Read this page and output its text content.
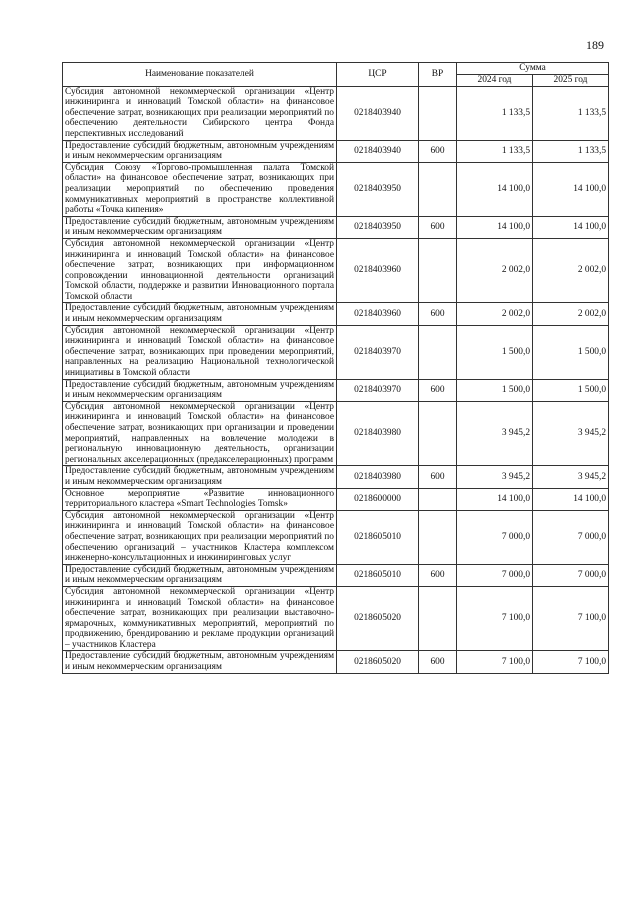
189
Наименование показателей	ЦСР	ВР	Сумма	
			2024 год	2025 год
Субсидия автономной некоммерческой организации «Центр инжиниринга и инноваций Томской области» на финансовое обеспечение затрат, возникающих при реализации мероприятий по обеспечению деятельности Сибирского центра Фонда перспективных исследований	0218403940		1 133,5	1 133,5
Предоставление субсидий бюджетным, автономным учреждениям и иным некоммерческим организациям	0218403940	600	1 133,5	1 133,5
Субсидия Союзу «Торгово-промышленная палата Томской области» на финансовое обеспечение затрат, возникающих при реализации мероприятий по обеспечению проведения коммуникативных мероприятий в пространстве коллективной работы «Точка кипения»	0218403950		14 100,0	14 100,0
Предоставление субсидий бюджетным, автономным учреждениям и иным некоммерческим организациям	0218403950	600	14 100,0	14 100,0
Субсидия автономной некоммерческой организации «Центр инжиниринга и инноваций Томской области» на финансовое обеспечение затрат, возникающих при информационном сопровождении инновационной деятельности организаций Томской области, поддержке и развитии Инновационного портала Томской области	0218403960		2 002,0	2 002,0
Предоставление субсидий бюджетным, автономным учреждениям и иным некоммерческим организациям	0218403960	600	2 002,0	2 002,0
Субсидия автономной некоммерческой организации «Центр инжиниринга и инноваций Томской области» на финансовое обеспечение затрат, возникающих при проведении мероприятий, направленных на реализацию Национальной технологической инициативы в Томской области	0218403970		1 500,0	1 500,0
Предоставление субсидий бюджетным, автономным учреждениям и иным некоммерческим организациям	0218403970	600	1 500,0	1 500,0
Субсидия автономной некоммерческой организации «Центр инжиниринга и инноваций Томской области» на финансовое обеспечение затрат, возникающих при организации и проведении мероприятий, направленных на вовлечение молодежи в региональную инновационную деятельность, организации региональных акселерационных (предакселерационных) программ	0218403980		3 945,2	3 945,2
Предоставление субсидий бюджетным, автономным учреждениям и иным некоммерческим организациям	0218403980	600	3 945,2	3 945,2
Основное мероприятие «Развитие инновационного территориального кластера «Smart Technologies Tomsk»	0218600000		14 100,0	14 100,0
Субсидия автономной некоммерческой организации «Центр инжиниринга и инноваций Томской области» на финансовое обеспечение затрат, возникающих при реализации мероприятий по обеспечению организаций – участников Кластера комплексом инженерно-консультационных и инжиниринговых услуг	0218605010		7 000,0	7 000,0
Предоставление субсидий бюджетным, автономным учреждениям и иным некоммерческим организациям	0218605010	600	7 000,0	7 000,0
Субсидия автономной некоммерческой организации «Центр инжиниринга и инноваций Томской области» на финансовое обеспечение затрат, возникающих при реализации выставочно-ярмарочных, коммуникативных мероприятий, мероприятий по продвижению, брендированию и рекламе продукции организаций – участников Кластера	0218605020		7 100,0	7 100,0
Предоставление субсидий бюджетным, автономным учреждениям и иным некоммерческим организациям	0218605020	600	7 100,0	7 100,0
